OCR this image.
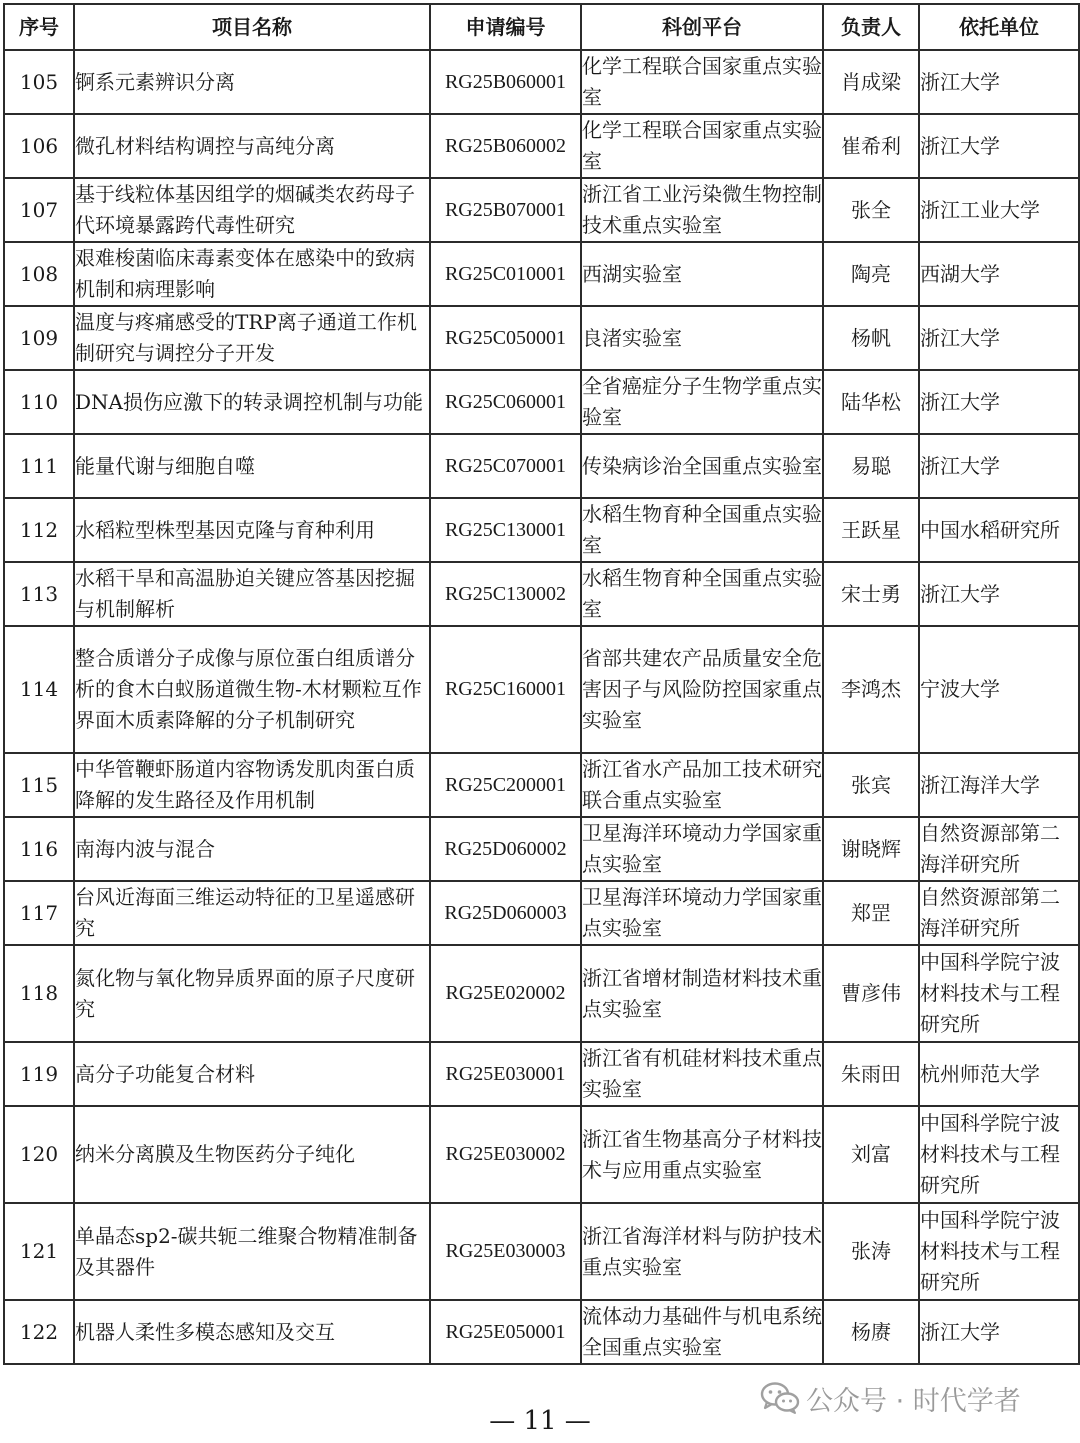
序号	项目名称	申请编号	科创平台	负责人	依托单位
105	锕系元素辨识分离	RG25B060001	化学工程联合国家重点实验室	肖成梁	浙江大学
106	微孔材料结构调控与高纯分离	RG25B060002	化学工程联合国家重点实验室	崔希利	浙江大学
107	基于线粒体基因组学的烟碱类农药母子代环境暴露跨代毒性研究	RG25B070001	浙江省工业污染微生物控制技术重点实验室	张全	浙江工业大学
108	艰难梭菌临床毒素变体在感染中的致病机制和病理影响	RG25C010001	西湖实验室	陶亮	西湖大学
109	温度与疼痛感受的TRP离子通道工作机制研究与调控分子开发	RG25C050001	良渚实验室	杨帆	浙江大学
110	DNA损伤应激下的转录调控机制与功能	RG25C060001	全省癌症分子生物学重点实验室	陆华松	浙江大学
111	能量代谢与细胞自噬	RG25C070001	传染病诊治全国重点实验室	易聪	浙江大学
112	水稻粒型株型基因克隆与育种利用	RG25C130001	水稻生物育种全国重点实验室	王跃星	中国水稻研究所
113	水稻干旱和高温胁迫关键应答基因挖掘与机制解析	RG25C130002	水稻生物育种全国重点实验室	宋士勇	浙江大学
114	整合质谱分子成像与原位蛋白组质谱分析的食木白蚁肠道微生物-木材颗粒互作界面木质素降解的分子机制研究	RG25C160001	省部共建农产品质量安全危害因子与风险防控国家重点实验室	李鸿杰	宁波大学
115	中华管鞭虾肠道内容物诱发肌肉蛋白质降解的发生路径及作用机制	RG25C200001	浙江省水产品加工技术研究联合重点实验室	张宾	浙江海洋大学
116	南海内波与混合	RG25D060002	卫星海洋环境动力学国家重点实验室	谢晓辉	自然资源部第二海洋研究所
117	台风近海面三维运动特征的卫星遥感研究	RG25D060003	卫星海洋环境动力学国家重点实验室	郑罡	自然资源部第二海洋研究所
118	氮化物与氧化物异质界面的原子尺度研究	RG25E020002	浙江省增材制造材料技术重点实验室	曹彦伟	中国科学院宁波材料技术与工程研究所
119	高分子功能复合材料	RG25E030001	浙江省有机硅材料技术重点实验室	朱雨田	杭州师范大学
120	纳米分离膜及生物医药分子纯化	RG25E030002	浙江省生物基高分子材料技术与应用重点实验室	刘富	中国科学院宁波材料技术与工程研究所
121	单晶态sp2-碳共轭二维聚合物精准制备及其器件	RG25E030003	浙江省海洋材料与防护技术重点实验室	张涛	中国科学院宁波材料技术与工程研究所
122	机器人柔性多模态感知及交互	RG25E050001	流体动力基础件与机电系统全国重点实验室	杨赓	浙江大学
公众号 · 时代学者
— 11 —
